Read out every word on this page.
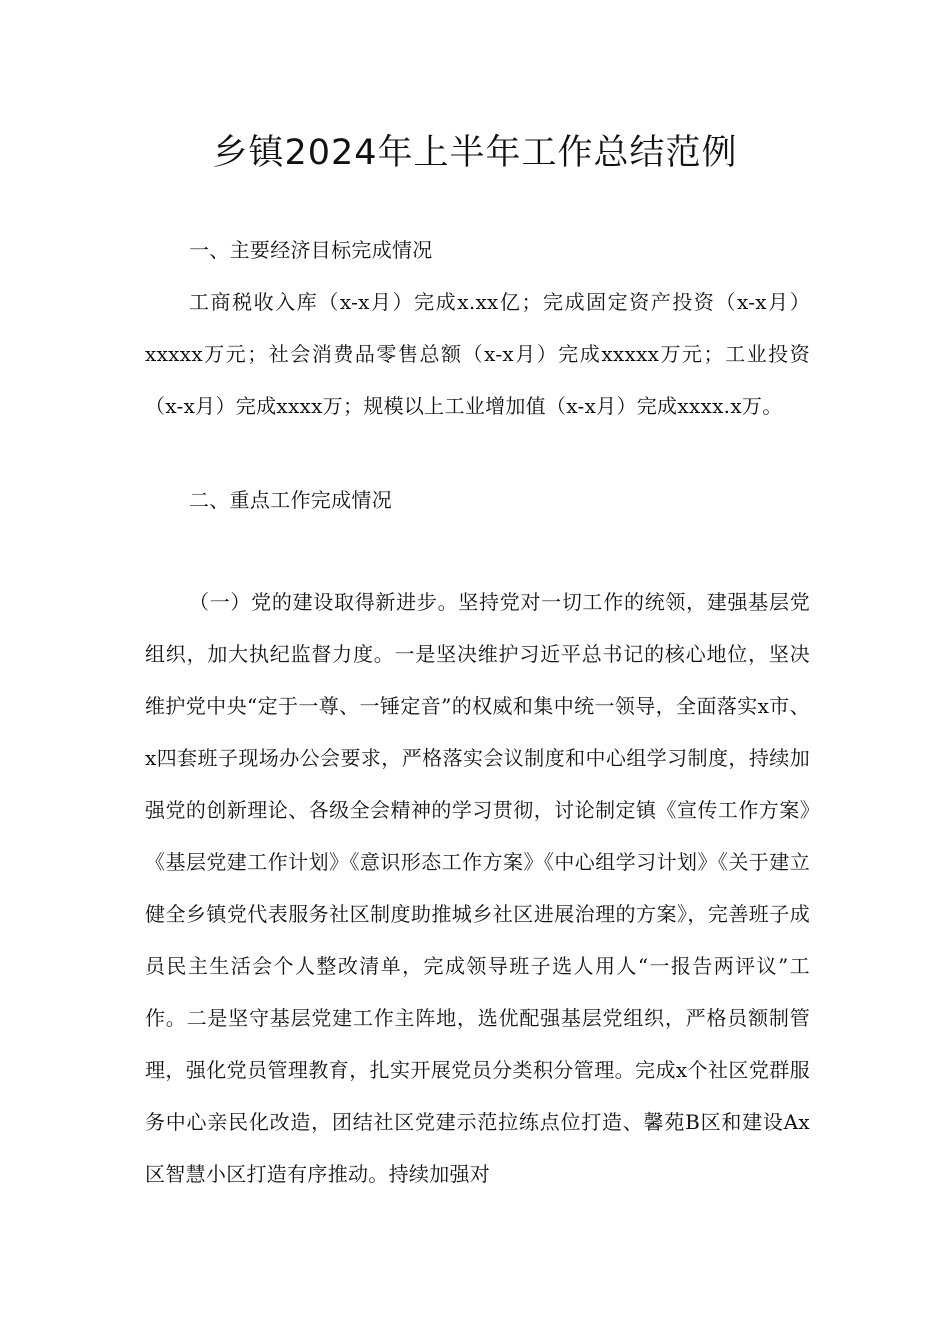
乡镇2024年上半年工作总结范例

一、主要经济目标完成情况

工商税收入库（x-x月）完成x.xx亿；完成固定资产投资（x-x月）xxxxx万元；社会消费品零售总额（x-x月）完成xxxxx万元；工业投资（x-x月）完成xxxx万；规模以上工业增加值（x-x月）完成xxxx.x万。

二、重点工作完成情况

（一）党的建设取得新进步。坚持党对一切工作的统领，建强基层党组织，加大执纪监督力度。一是坚决维护习近平总书记的核心地位，坚决维护党中央“定于一尊、一锤定音”的权威和集中统一领导，全面落实x市、x四套班子现场办公会要求，严格落实会议制度和中心组学习制度，持续加强党的创新理论、各级全会精神的学习贯彻，讨论制定镇《宣传工作方案》《基层党建工作计划》《意识形态工作方案》《中心组学习计划》《关于建立健全乡镇党代表服务社区制度助推城乡社区进展治理的方案》，完善班子成员民主生活会个人整改清单，完成领导班子选人用人“一报告两评议”工作。二是坚守基层党建工作主阵地，选优配强基层党组织，严格员额制管理，强化党员管理教育，扎实开展党员分类积分管理。完成x个社区党群服务中心亲民化改造，团结社区党建示范拉练点位打造、馨苑B区和建设Ax区智慧小区打造有序推动。持续加强对
